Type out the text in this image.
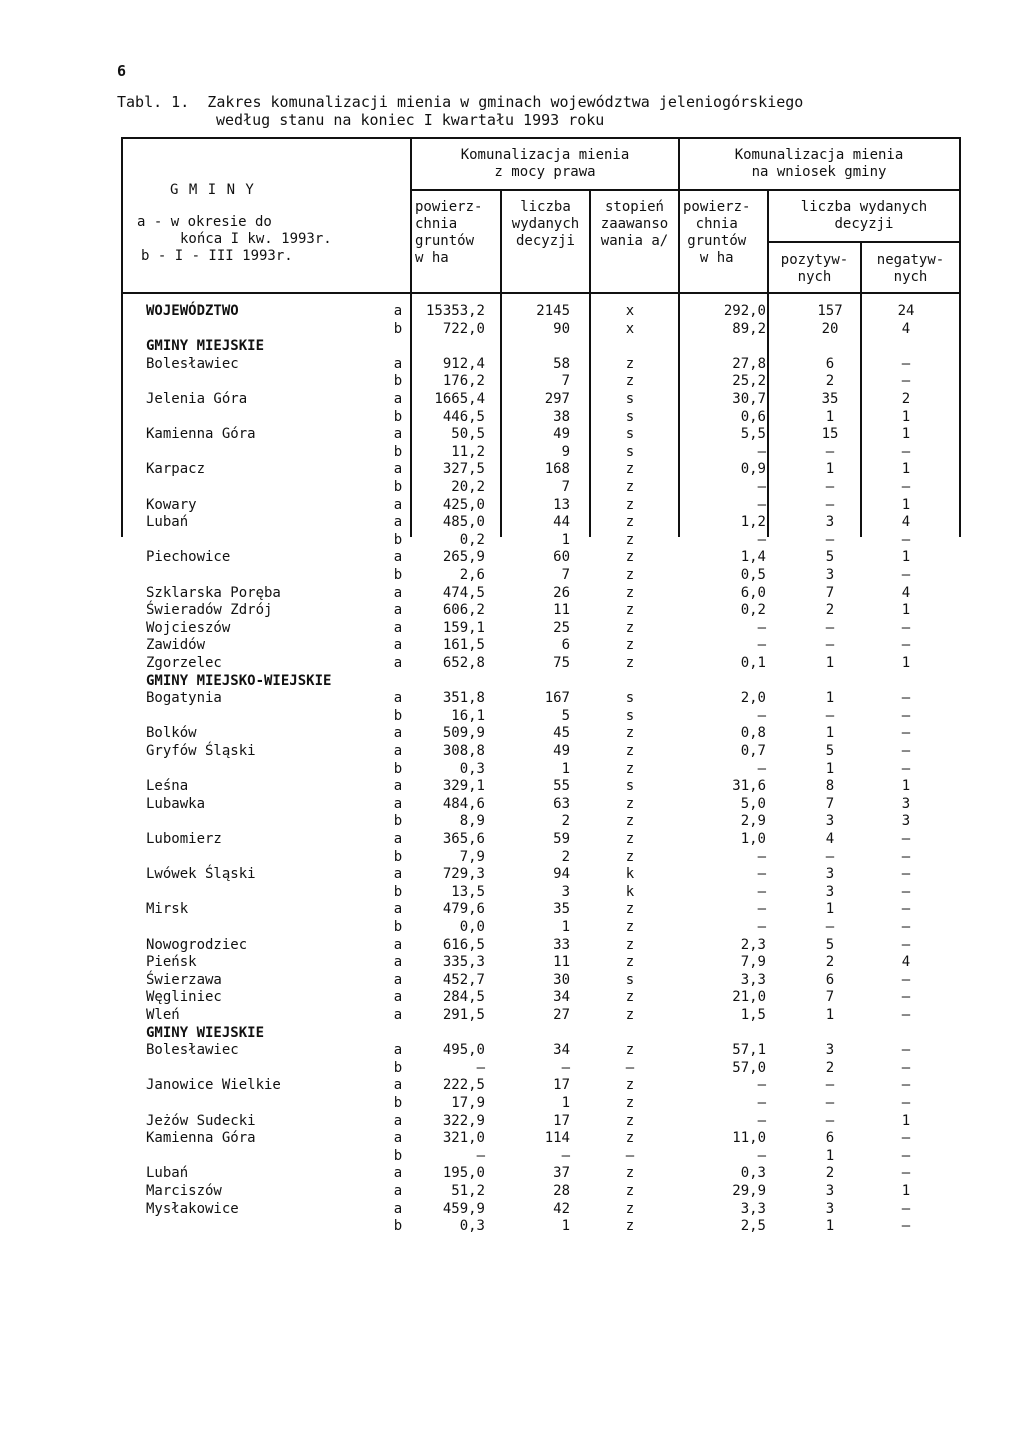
6
Tabl. 1.  Zakres komunalizacji mienia w gminach województwa jeleniogórskiego
według stanu na koniec I kwartału 1993 roku
G M I N Y
a - w okresie do
końca I kw. 1993r.
b - I - III 1993r.
Komunalizacja mienia
z mocy prawa
Komunalizacja mienia
na wniosek gminy
powierz-
chnia
gruntów
w ha
liczba
wydanych
decyzji
stopień
zaawanso
wania a/
powierz-
chnia
gruntów
w ha
liczba wydanych
decyzji
pozytyw-
nych
negatyw-
nych
WOJEWÓDZTWO	a 15353,2	2145	x	292,0	157	24
b	722,0	90	x	89,2	20	4
GMINY MIEJSKIE
Bolesławiec	a	912,4	58	z	27,8	6	–
b	176,2	7	z	25,2	2	–
Jelenia Góra	a 1665,4	297	s	30,7	35	2
b	446,5	38	s	0,6	1	1
Kamienna Góra	a	50,5	49	s	5,5	15	1
b	11,2	9	s	–	–	–
Karpacz	a	327,5	168	z	0,9	1	1
b	20,2	7	z	–	–	–
Kowary	a	425,0	13	z	–	–	1
Lubań	a	485,0	44	z	1,2	3	4
b	0,2	1	z	–	–	–
Piechowice	a	265,9	60	z	1,4	5	1
b	2,6	7	z	0,5	3	–
Szklarska Poręba	a	474,5	26	z	6,0	7	4
Świeradów Zdrój	a	606,2	11	z	0,2	2	1
Wojcieszów	a	159,1	25	z	–	–	–
Zawidów	a	161,5	6	z	–	–	–
Zgorzelec	a	652,8	75	z	0,1	1	1
GMINY MIEJSKO-WIEJSKIE
Bogatynia	a	351,8	167	s	2,0	1	–
b	16,1	5	s	–	–	–
Bolków	a	509,9	45	z	0,8	1	–
Gryfów Śląski	a	308,8	49	z	0,7	5	–
b	0,3	1	z	–	1	–
Leśna	a	329,1	55	s	31,6	8	1
Lubawka	a	484,6	63	z	5,0	7	3
b	8,9	2	z	2,9	3	3
Lubomierz	a	365,6	59	z	1,0	4	–
b	7,9	2	z	–	–	–
Lwówek Śląski	a	729,3	94	k	–	3	–
b	13,5	3	k	–	3	–
Mirsk	a	479,6	35	z	–	1	–
b	0,0	1	z	–	–	–
Nowogrodziec	a	616,5	33	z	2,3	5	–
Pieńsk	a	335,3	11	z	7,9	2	4
Świerzawa	a	452,7	30	s	3,3	6	–
Węgliniec	a	284,5	34	z	21,0	7	–
Wleń	a	291,5	27	z	1,5	1	–
GMINY WIEJSKIE
Bolesławiec	a	495,0	34	z	57,1	3	–
b	–	–	–	57,0	2	–
Janowice Wielkie	a	222,5	17	z	–	–	–
b	17,9	1	z	–	–	–
Jeżów Sudecki	a	322,9	17	z	–	–	1
Kamienna Góra	a	321,0	114	z	11,0	6	–
b	–	–	–	–	1	–
Lubań	a	195,0	37	z	0,3	2	–
Marciszów	a	51,2	28	z	29,9	3	1
Mysłakowice	a	459,9	42	z	3,3	3	–
b	0,3	1	z	2,5	1	–
